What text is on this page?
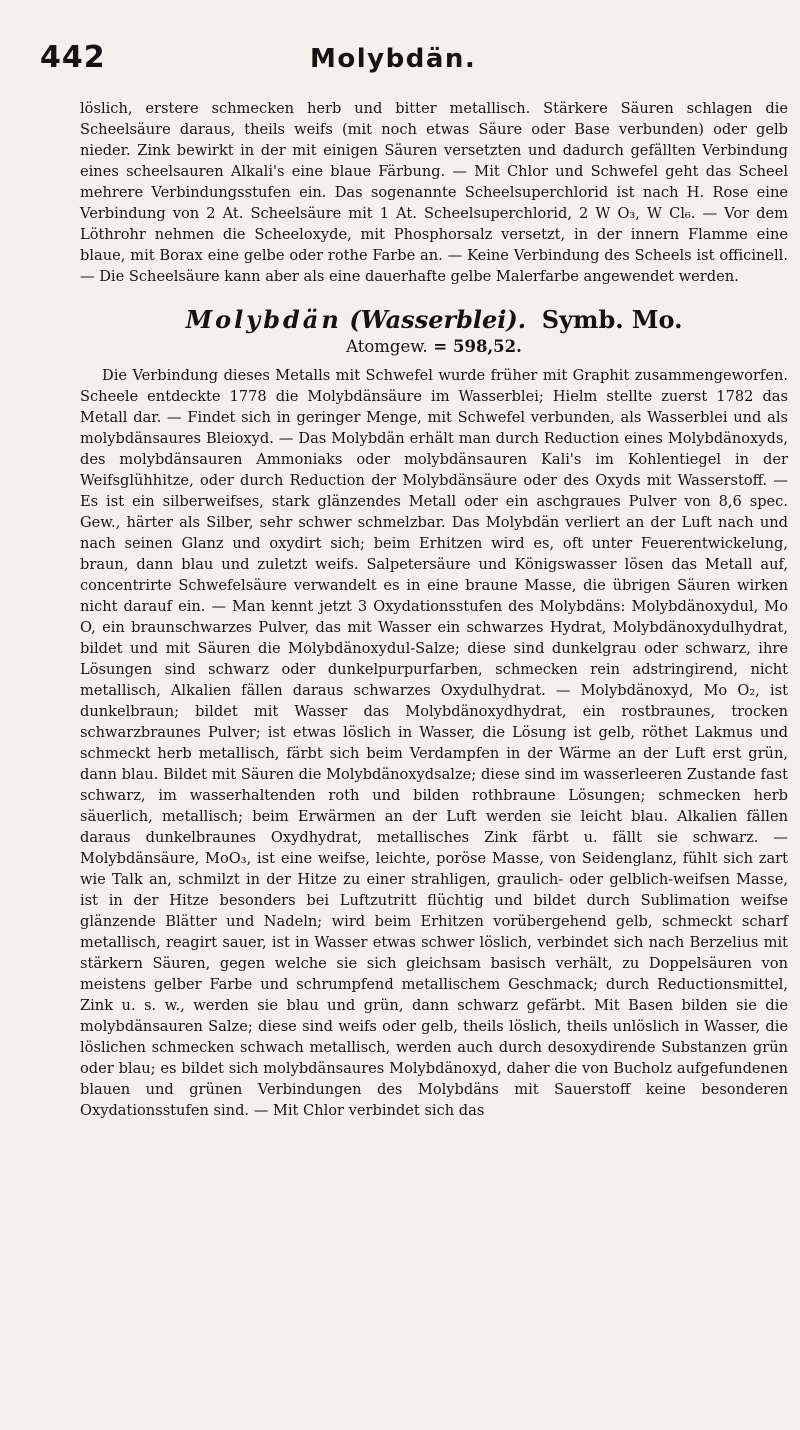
442	Molybdän.

löslich, erstere schmecken herb und bitter metallisch. Stärkere Säuren schlagen die Scheelsäure daraus, theils weifs (mit noch etwas Säure oder Base verbunden) oder gelb nieder. Zink bewirkt in der mit einigen Säuren versetzten und dadurch gefällten Verbindung eines scheelsauren Alkali's eine blaue Färbung. — Mit Chlor und Schwefel geht das Scheel mehrere Verbindungsstufen ein. Das sogenannte Scheelsuperchlorid ist nach H. Rose eine Verbindung von 2 At. Scheelsäure mit 1 At. Scheelsuperchlorid, 2 W O₃, W Cl₆. — Vor dem Löthrohr nehmen die Scheeloxyde, mit Phosphorsalz versetzt, in der innern Flamme eine blaue, mit Borax eine gelbe oder rothe Farbe an. — Keine Verbindung des Scheels ist officinell. — Die Scheelsäure kann aber als eine dauerhafte gelbe Malerfarbe angewendet werden.

Molybdän (Wasserblei). Symb. Mo.
Atomgew. = 598,52.

Die Verbindung dieses Metalls mit Schwefel wurde früher mit Graphit zusammengeworfen. Scheele entdeckte 1778 die Molybdänsäure im Wasserblei; Hielm stellte zuerst 1782 das Metall dar. — Findet sich in geringer Menge, mit Schwefel verbunden, als Wasserblei und als molybdänsaures Bleioxyd. — Das Molybdän erhält man durch Reduction eines Molybdänoxyds, des molybdänsauren Ammoniaks oder molybdänsauren Kali's im Kohlentiegel in der Weifsglühhitze, oder durch Reduction der Molybdänsäure oder des Oxyds mit Wasserstoff. — Es ist ein silberweifses, stark glänzendes Metall oder ein aschgraues Pulver von 8,6 spec. Gew., härter als Silber, sehr schwer schmelzbar. Das Molybdän verliert an der Luft nach und nach seinen Glanz und oxydirt sich; beim Erhitzen wird es, oft unter Feuerentwickelung, braun, dann blau und zuletzt weifs. Salpetersäure und Königswasser lösen das Metall auf, concentrirte Schwefelsäure verwandelt es in eine braune Masse, die übrigen Säuren wirken nicht darauf ein. — Man kennt jetzt 3 Oxydationsstufen des Molybdäns: Molybdänoxydul, Mo O, ein braunschwarzes Pulver, das mit Wasser ein schwarzes Hydrat, Molybdänoxydulhydrat, bildet und mit Säuren die Molybdänoxydul-Salze; diese sind dunkelgrau oder schwarz, ihre Lösungen sind schwarz oder dunkelpurpurfarben, schmecken rein adstringirend, nicht metallisch, Alkalien fällen daraus schwarzes Oxydulhydrat. — Molybdänoxyd, Mo O₂, ist dunkelbraun; bildet mit Wasser das Molybdänoxydhydrat, ein rostbraunes, trocken schwarzbraunes Pulver; ist etwas löslich in Wasser, die Lösung ist gelb, röthet Lakmus und schmeckt herb metallisch, färbt sich beim Verdampfen in der Wärme an der Luft erst grün, dann blau. Bildet mit Säuren die Molybdänoxydsalze; diese sind im wasserleeren Zustande fast schwarz, im wasserhaltenden roth und bilden rothbraune Lösungen; schmecken herb säuerlich, metallisch; beim Erwärmen an der Luft werden sie leicht blau. Alkalien fällen daraus dunkelbraunes Oxydhydrat, metallisches Zink färbt u. fällt sie schwarz. — Molybdänsäure, MoO₃, ist eine weifse, leichte, poröse Masse, von Seidenglanz, fühlt sich zart wie Talk an, schmilzt in der Hitze zu einer strahligen, graulich- oder gelblich-weifsen Masse, ist in der Hitze besonders bei Luftzutritt flüchtig und bildet durch Sublimation weifse glänzende Blätter und Nadeln; wird beim Erhitzen vorübergehend gelb, schmeckt scharf metallisch, reagirt sauer, ist in Wasser etwas schwer löslich, verbindet sich nach Berzelius mit stärkern Säuren, gegen welche sie sich gleichsam basisch verhält, zu Doppelsäuren von meistens gelber Farbe und schrumpfend metallischem Geschmack; durch Reductionsmittel, Zink u. s. w., werden sie blau und grün, dann schwarz gefärbt. Mit Basen bilden sie die molybdänsauren Salze; diese sind weifs oder gelb, theils löslich, theils unlöslich in Wasser, die löslichen schmecken schwach metallisch, werden auch durch desoxydirende Substanzen grün oder blau; es bildet sich molybdänsaures Molybdänoxyd, daher die von Bucholz aufgefundenen blauen und grünen Verbindungen des Molybdäns mit Sauerstoff keine besonderen Oxydationsstufen sind. — Mit Chlor verbindet sich das
